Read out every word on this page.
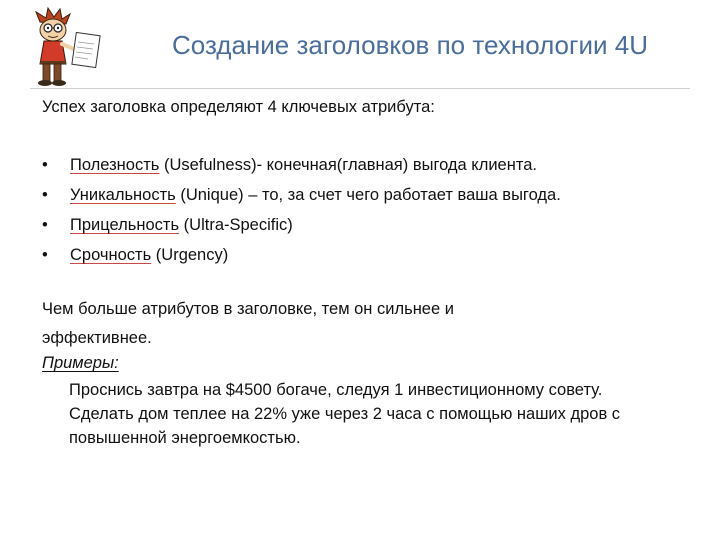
Создание заголовков по технологии 4U
Успех заголовка определяют 4 ключевых атрибута:
• Полезность (Usefulness)- конечная(главная) выгода клиента.
• Уникальность (Unique) – то, за счет чего работает ваша выгода.
• Прицельность (Ultra-Specific)
• Срочность (Urgency)
Чем больше атрибутов в заголовке, тем он сильнее и эффективнее.
Примеры:

Проснись завтра на $4500 богаче, следуя 1 инвестиционному совету.

Сделать дом теплее на 22% уже через 2 часа с помощью наших дров с повышенной энергоемкостью.
